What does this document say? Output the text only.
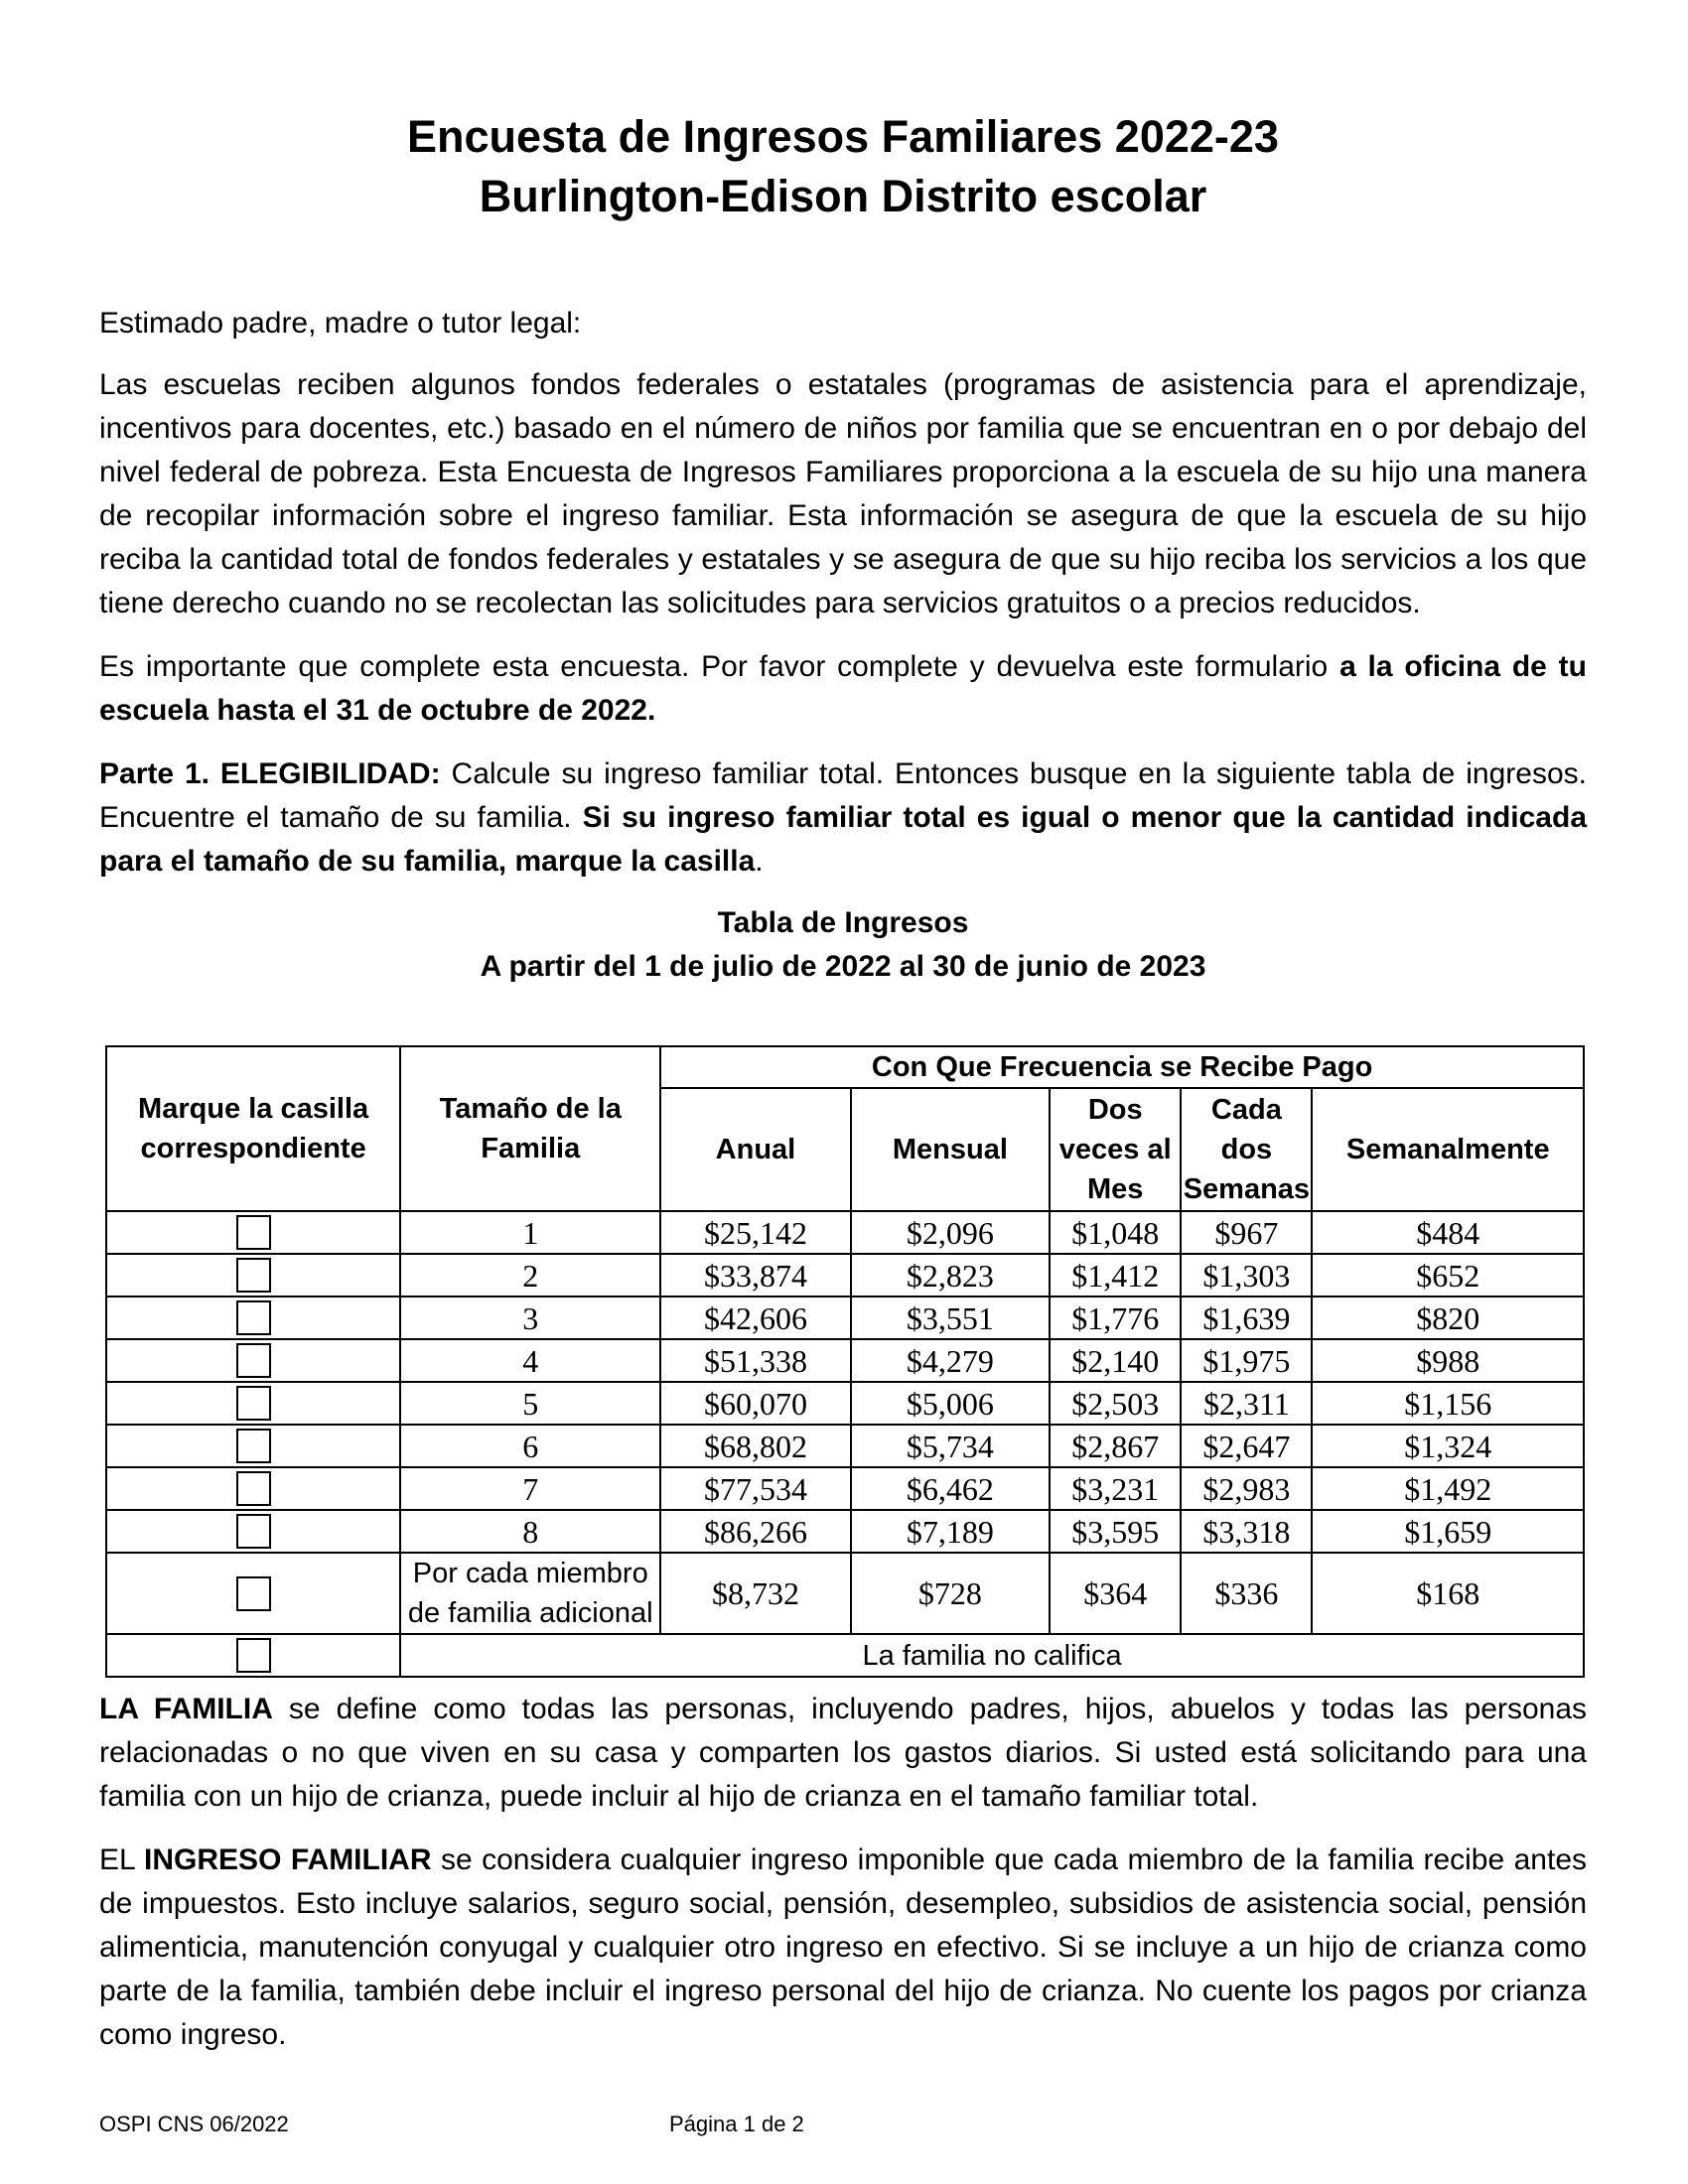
Encuesta de Ingresos Familiares 2022-23
Burlington-Edison Distrito escolar

Estimado padre, madre o tutor legal:

Las escuelas reciben algunos fondos federales o estatales (programas de asistencia para el aprendizaje, incentivos para docentes, etc.) basado en el número de niños por familia que se encuentran en o por debajo del nivel federal de pobreza. Esta Encuesta de Ingresos Familiares proporciona a la escuela de su hijo una manera de recopilar información sobre el ingreso familiar. Esta información se asegura de que la escuela de su hijo reciba la cantidad total de fondos federales y estatales y se asegura de que su hijo reciba los servicios a los que tiene derecho cuando no se recolectan las solicitudes para servicios gratuitos o a precios reducidos.

Es importante que complete esta encuesta. Por favor complete y devuelva este formulario a la oficina de tu escuela hasta el 31 de octubre de 2022.

Parte 1. ELEGIBILIDAD: Calcule su ingreso familiar total. Entonces busque en la siguiente tabla de ingresos. Encuentre el tamaño de su familia. Si su ingreso familiar total es igual o menor que la cantidad indicada para el tamaño de su familia, marque la casilla.

Tabla de Ingresos
A partir del 1 de julio de 2022 al 30 de junio de 2023
Marque la casilla correspondiente	Tamaño de la Familia	Con Que Frecuencia se Recibe Pago				
		Anual	Mensual	Dos veces al Mes	Cada dos Semanas	Semanalmente
	1	$25,142	$2,096	$1,048	$967	$484
	2	$33,874	$2,823	$1,412	$1,303	$652
	3	$42,606	$3,551	$1,776	$1,639	$820
	4	$51,338	$4,279	$2,140	$1,975	$988
	5	$60,070	$5,006	$2,503	$2,311	$1,156
	6	$68,802	$5,734	$2,867	$2,647	$1,324
	7	$77,534	$6,462	$3,231	$2,983	$1,492
	8	$86,266	$7,189	$3,595	$3,318	$1,659
	Por cada miembro de familia adicional	$8,732	$728	$364	$336	$168
	La familia no califica					

LA FAMILIA se define como todas las personas, incluyendo padres, hijos, abuelos y todas las personas relacionadas o no que viven en su casa y comparten los gastos diarios. Si usted está solicitando para una familia con un hijo de crianza, puede incluir al hijo de crianza en el tamaño familiar total.

EL INGRESO FAMILIAR se considera cualquier ingreso imponible que cada miembro de la familia recibe antes de impuestos. Esto incluye salarios, seguro social, pensión, desempleo, subsidios de asistencia social, pensión alimenticia, manutención conyugal y cualquier otro ingreso en efectivo. Si se incluye a un hijo de crianza como parte de la familia, también debe incluir el ingreso personal del hijo de crianza. No cuente los pagos por crianza como ingreso.

OSPI CNS 06/2022	Página 1 de 2
